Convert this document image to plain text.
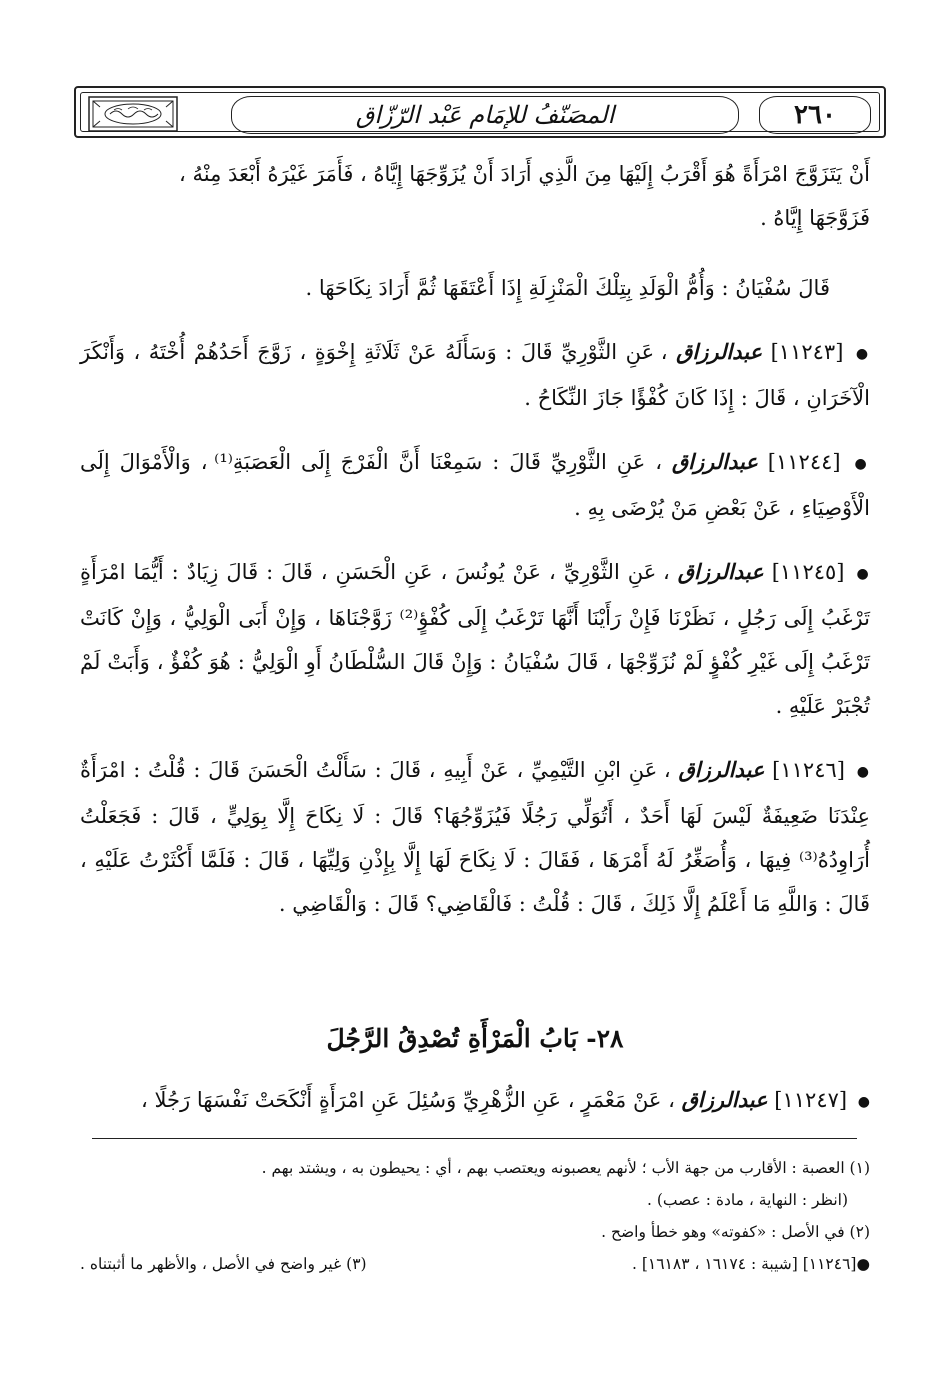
٢٦٠
المصَنّفُ للإمَام عَبْد الرّزّاق

أَنْ يَتَزَوَّجَ امْرَأَةً هُوَ أَقْرَبُ إِلَيْهَا مِنَ الَّذِي أَرَادَ أَنْ يُزَوِّجَهَا إِيَّاهُ ، فَأَمَرَ غَيْرَهُ أَبْعَدَ مِنْهُ ،

فَزَوَّجَهَا إِيَّاهُ .

قَالَ سُفْيَانُ : وَأُمُّ الْوَلَدِ بِتِلْكَ الْمَنْزِلَةِ إِذَا أَعْتَقَهَا ثُمَّ أَرَادَ نِكَاحَهَا .

● [١١٢٤٣] عبدالرزاق ، عَنِ الثَّوْرِيِّ قَالَ : وَسَأَلَهُ عَنْ ثَلَاثَةِ إِخْوَةٍ ، زَوَّجَ أَحَدُهُمْ أُخْتَهُ ، وَأَنْكَرَ الْآخَرَانِ ، قَالَ : إِذَا كَانَ كُفْؤًا جَازَ النِّكَاحُ .

● [١١٢٤٤] عبدالرزاق ، عَنِ الثَّوْرِيِّ قَالَ : سَمِعْنَا أَنَّ الْفَرْجَ إِلَى الْعَصَبَةِ⁽¹⁾ ، وَالْأَمْوَالَ إِلَى الْأَوْصِيَاءِ ، عَنْ بَعْضِ مَنْ يُرْضَى بِهِ .

● [١١٢٤٥] عبدالرزاق ، عَنِ الثَّوْرِيِّ ، عَنْ يُونُسَ ، عَنِ الْحَسَنِ ، قَالَ : قَالَ زِيَادٌ : أَيُّمَا امْرَأَةٍ تَرْغَبُ إِلَى رَجُلٍ ، نَظَرْنَا فَإِنْ رَأَيْنَا أَنَّهَا تَرْغَبُ إِلَى كُفْؤٍ⁽²⁾ زَوَّجْنَاهَا ، وَإِنْ أَبَى الْوَلِيُّ ، وَإِنْ كَانَتْ تَرْغَبُ إِلَى غَيْرِ كُفْؤٍ لَمْ نُزَوِّجْهَا ، قَالَ سُفْيَانُ : وَإِنْ قَالَ السُّلْطَانُ أَوِ الْوَلِيُّ : هُوَ كُفْؤٌ ، وَأَبَتْ لَمْ تُجْبَرْ عَلَيْهِ .

● [١١٢٤٦] عبدالرزاق ، عَنِ ابْنِ التَّيْمِيِّ ، عَنْ أَبِيهِ ، قَالَ : سَأَلْتُ الْحَسَنَ قَالَ : قُلْتُ : امْرَأَةٌ عِنْدَنَا ضَعِيفَةٌ لَيْسَ لَهَا أَحَدٌ ، أَتُوَلِّي رَجُلًا فَيُزَوِّجُهَا؟ قَالَ : لَا نِكَاحَ إِلَّا بِوَلِيٍّ ، قَالَ : فَجَعَلْتُ أُرَاوِدُهُ⁽³⁾ فِيهَا ، وَأُصَغِّرُ لَهُ أَمْرَهَا ، فَقَالَ : لَا نِكَاحَ لَهَا إِلَّا بِإِذْنِ وَلِيِّهَا ، قَالَ : فَلَمَّا أَكْثَرْتُ عَلَيْهِ ، قَالَ : وَاللَّهِ مَا أَعْلَمُ إِلَّا ذَلِكَ ، قَالَ : قُلْتُ : فَالْقَاضِي؟ قَالَ : وَالْقَاضِي .

٢٨- بَابُ الْمَرْأَةِ تُصْدِقُ الرَّجُلَ

● [١١٢٤٧] عبدالرزاق ، عَنْ مَعْمَرٍ ، عَنِ الزُّهْرِيِّ وَسُئِلَ عَنِ امْرَأَةٍ أَنْكَحَتْ نَفْسَهَا رَجُلًا ،

(١) العصبة : الأقارب من جهة الأب ؛ لأنهم يعصبونه ويعتصب بهم ، أي : يحيطون به ، ويشتد بهم .

(انظر : النهاية ، مادة : عصب) .

(٢) في الأصل : «كفوته» وهو خطأ واضح .

●[١١٢٤٦] [شيبة : ١٦١٧٤ ، ١٦١٨٣] .
(٣) غير واضح في الأصل ، والأظهر ما أثبتناه .
